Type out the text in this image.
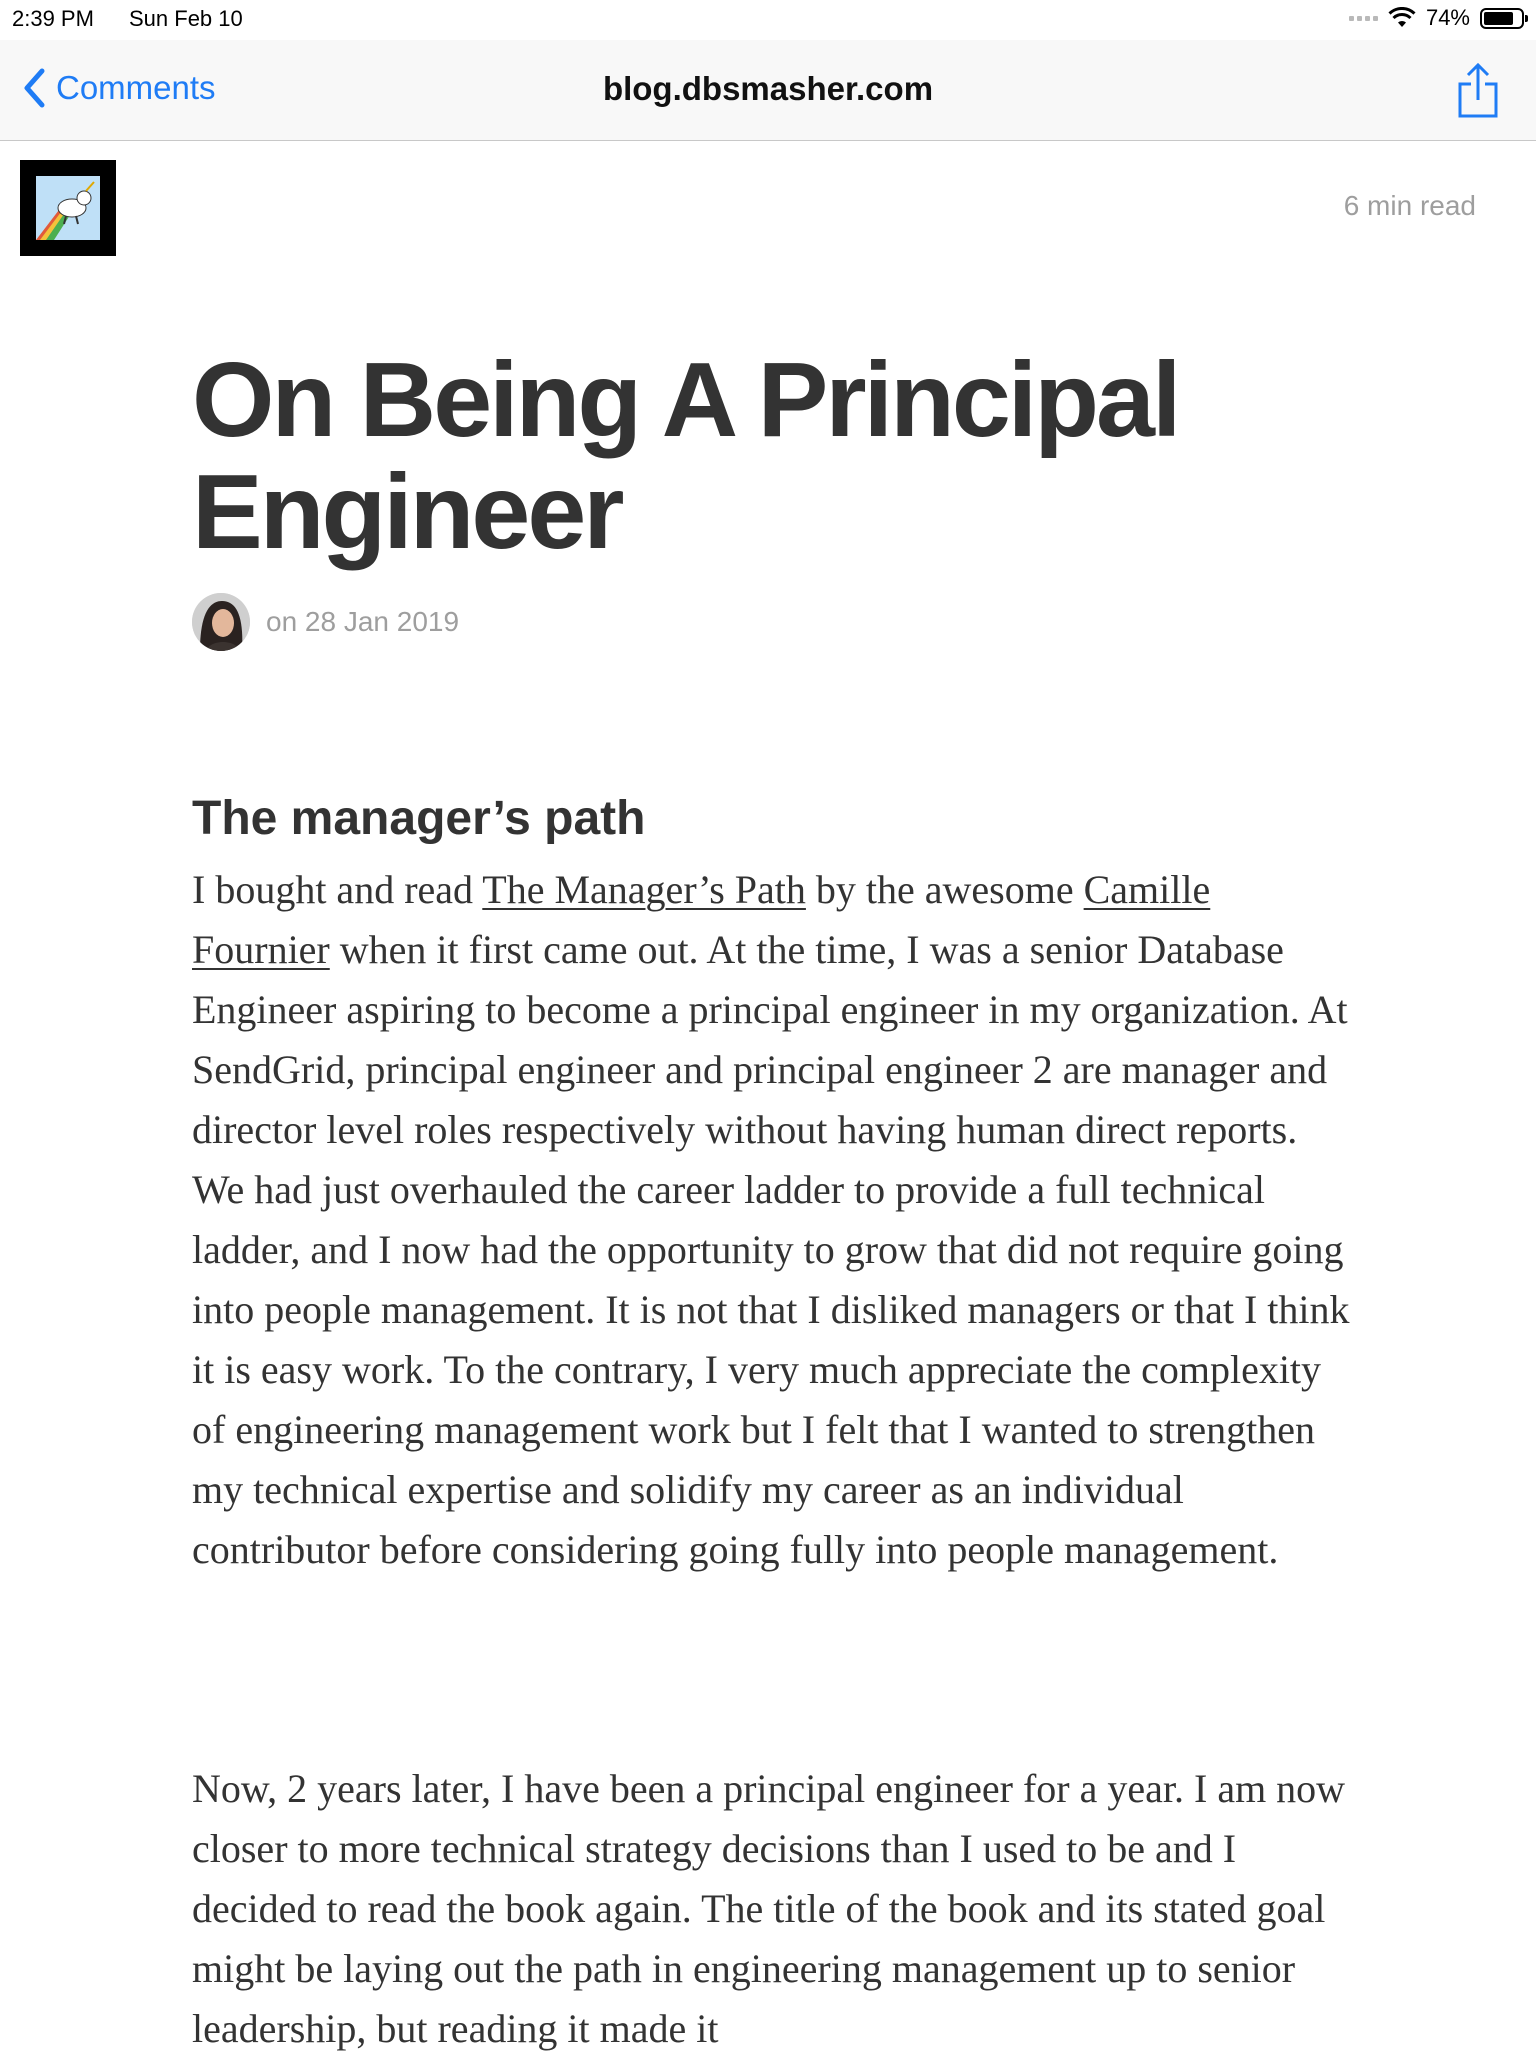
2:39 PM Sun Feb 10	74%
Comments	blog.dbsmasher.com
6 min read
On Being A Principal Engineer
on 28 Jan 2019
The manager’s path

I bought and read The Manager’s Path by the awesome Camille Fournier when it first came out. At the time, I was a senior Database Engineer aspiring to become a principal engineer in my organization. At SendGrid, principal engineer and principal engineer 2 are manager and director level roles respectively without having human direct reports. We had just overhauled the career ladder to provide a full technical ladder, and I now had the opportunity to grow that did not require going into people management. It is not that I disliked managers or that I think it is easy work. To the contrary, I very much appreciate the complexity of engineering management work but I felt that I wanted to strengthen my technical expertise and solidify my career as an individual contributor before considering going fully into people management.

Now, 2 years later, I have been a principal engineer for a year. I am now closer to more technical strategy decisions than I used to be and I decided to read the book again. The title of the book and its stated goal might be laying out the path in engineering management up to senior leadership, but reading it made it
